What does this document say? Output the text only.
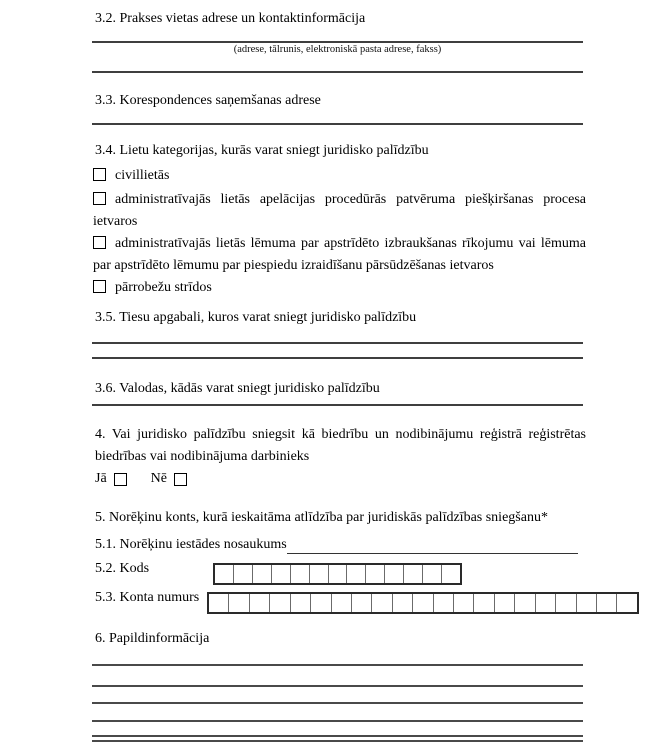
3.2. Prakses vietas adrese un kontaktinformācija
(adrese, tālrunis, elektroniskā pasta adrese, fakss)
3.3. Korespondences saņemšanas adrese
3.4. Lietu kategorijas, kurās varat sniegt juridisko palīdzību
civillietās

administratīvajās lietās apelācijas procedūrās patvēruma piešķiršanas procesa ietvaros

administratīvajās lietās lēmuma par apstrīdēto izbraukšanas rīkojumu vai lēmuma par apstrīdēto lēmumu par piespiedu izraidīšanu pārsūdzēšanas ietvaros

pārrobežu strīdos
3.5. Tiesu apgabali, kuros varat sniegt juridisko palīdzību
3.6. Valodas, kādās varat sniegt juridisko palīdzību

4. Vai juridisko palīdzību sniegsit kā biedrību un nodibinājumu reģistrā reģistrētas biedrības vai nodibinājuma darbinieks

Jā	Nē
5. Norēķinu konts, kurā ieskaitāma atlīdzība par juridiskās palīdzības sniegšanu*
5.1. Norēķinu iestādes nosaukums
5.2. Kods
5.3. Konta numurs
6. Papildinformācija
